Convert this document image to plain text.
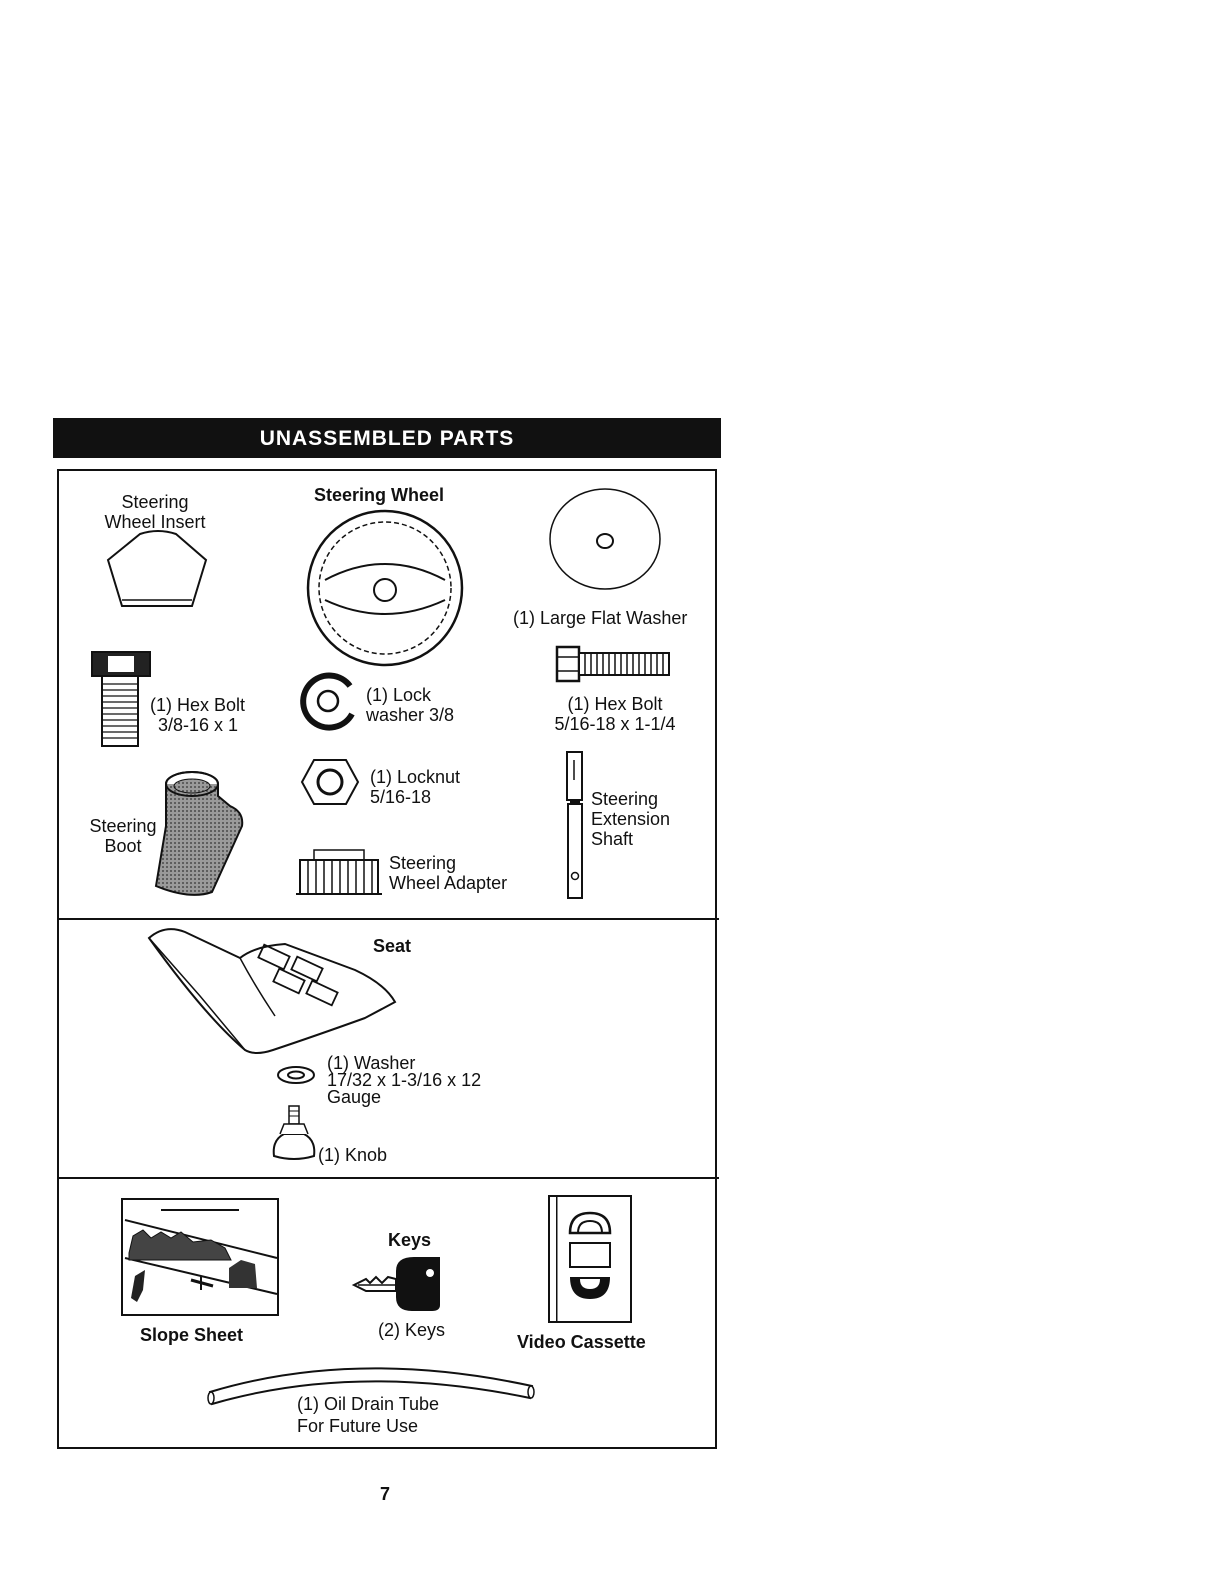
UNASSEMBLED PARTS
Steering
Wheel Insert
Steering Wheel
(1) Large Flat Washer
(1) Hex Bolt
3/8-16 x 1
(1) Lock
washer 3/8
(1) Hex Bolt
5/16-18 x 1-1/4
(1) Locknut
5/16-18	Steering
Extension
Shaft
Steering
Boot
Steering
Wheel Adapter
Seat
(1) Washer
17/32 x 1-3/16 x 12
Gauge
(1) Knob
Slope Sheet
Keys
(2) Keys
Video Cassette
(1) Oil Drain Tube
For Future Use
7
